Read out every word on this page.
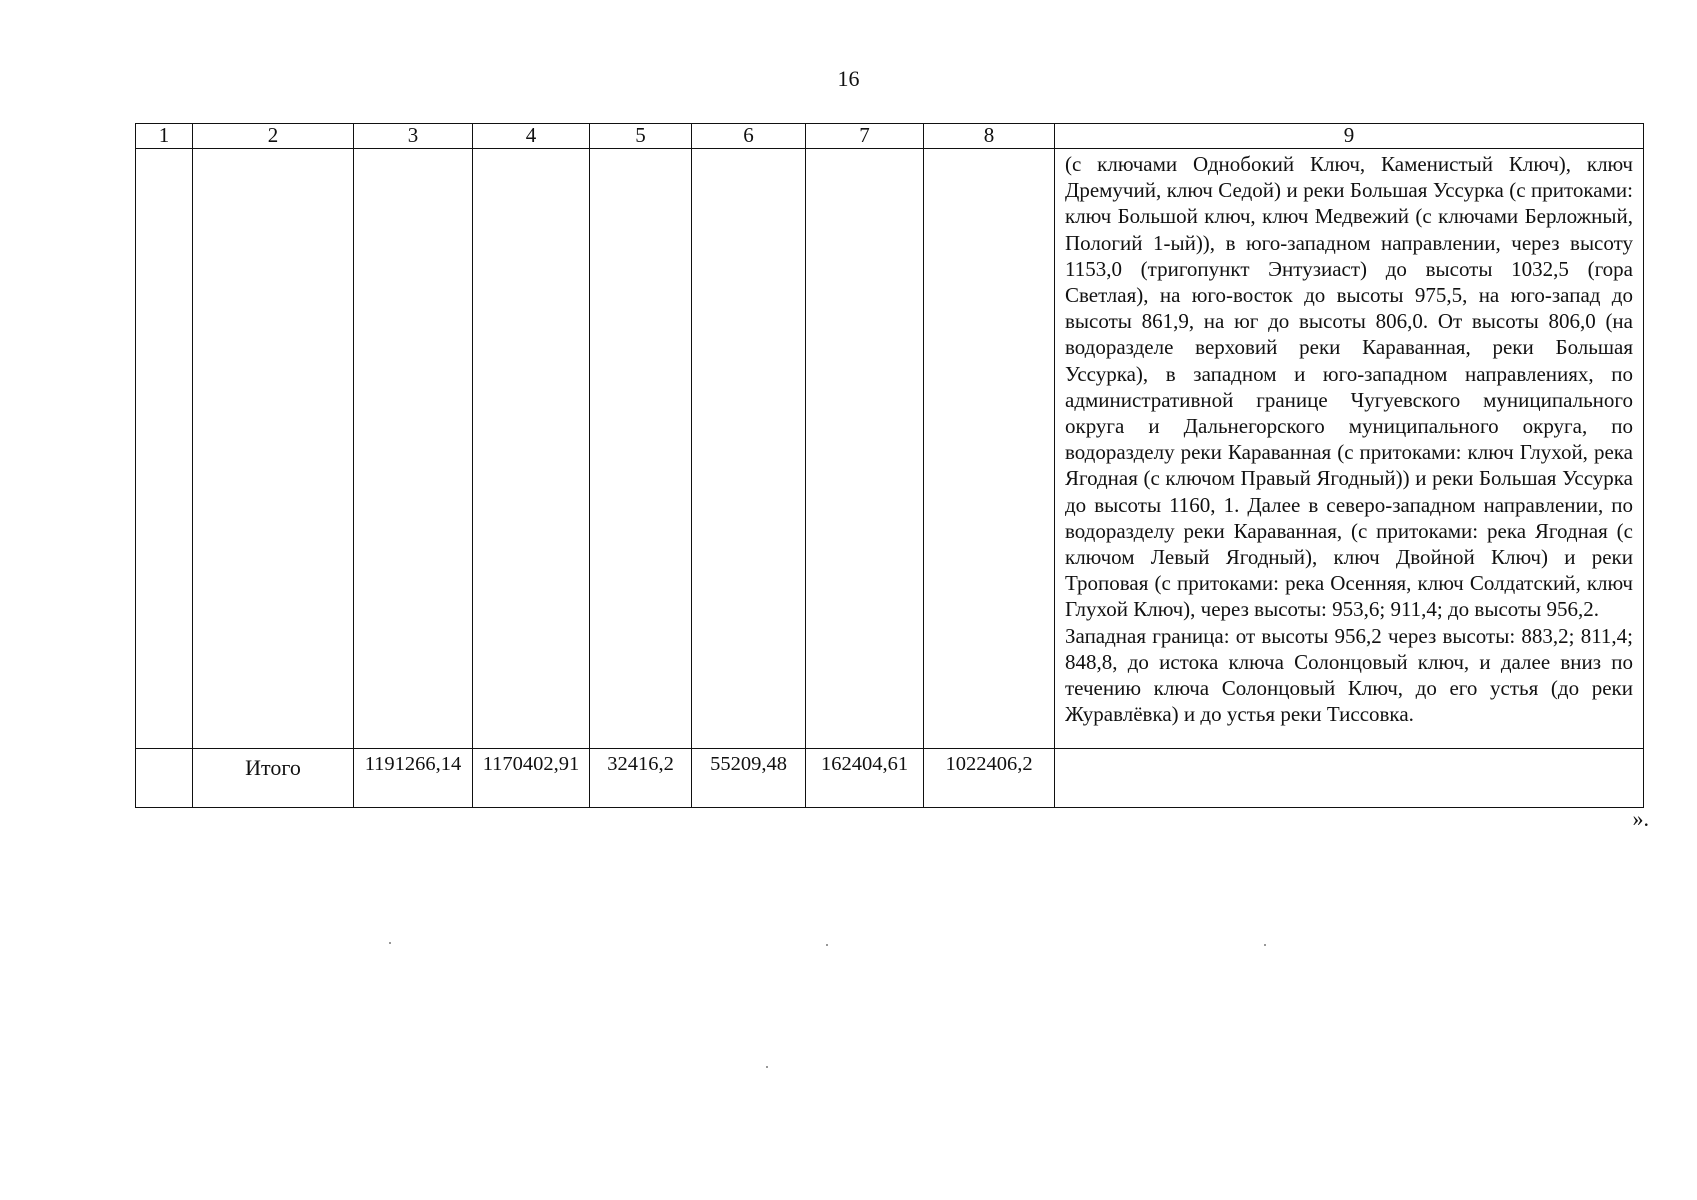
16
1	2	3	4	5	6	7	8	9

								(с ключами Однобокий Ключ, Каменистый Ключ), ключ Дремучий, ключ Седой) и реки Большая Уссурка (с притоками: ключ Большой ключ, ключ Медвежий (с ключами Берложный, Пологий 1-ый)), в юго-западном направлении, через высоту 1153,0 (тригопункт Энтузиаст) до высоты 1032,5 (гора Светлая), на юго-восток до высоты 975,5, на юго-запад до высоты 861,9, на юг до высоты 806,0. От высоты 806,0 (на водоразделе верховий реки Караванная, реки Большая Уссурка), в западном и юго-западном направлениях, по административной границе Чугуевского муниципального округа и Дальнегорского муниципального округа, по водоразделу реки Караванная (с притоками: ключ Глухой, река Ягодная (с ключом Правый Ягодный)) и реки Большая Уссурка до высоты 1160, 1. Далее в северо-западном направлении, по водоразделу реки Караванная, (с притоками: река Ягодная (с ключом Левый Ягодный), ключ Двойной Ключ) и реки Троповая (с притоками: река Осенняя, ключ Солдатский, ключ Глухой Ключ), через высоты: 953,6; 911,4; до высоты 956,2.

Западная граница: от высоты 956,2 через высоты: 883,2; 811,4; 848,8, до истока ключа Солонцовый ключ, и далее вниз по течению ключа Солонцовый Ключ, до его устья (до реки Журавлёвка) и до устья реки Тиссовка.

	Итого	1191266,14	1170402,91	32416,2	55209,48	162404,61	1022406,2	
».
